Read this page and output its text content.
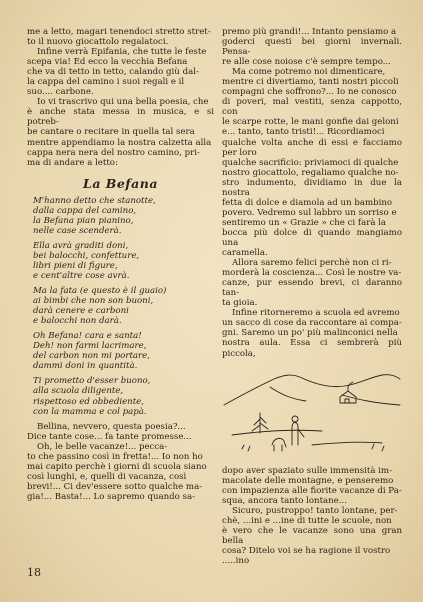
me a letto, magari tenendoci stretto stret-
to il nuovo giocattolo regalatoci.

Infine verrà Epifania, che tutte le feste
scepa via! Ed ecco la vecchia Befana
che va di tetto in tetto, calando giù dal-
la cappa del camino i suoi regali e il
suo.... carbone.

Io vi trascrivo qui una bella poesia, che
è anche stata messa in musica, e si potreb-
be cantare o recitare in quella tal sera
mentre appendiamo la nostra calzetta alla
cappa nera nera del nostro camino, pri-
ma di andare a letto:

La Befana
M'hanno detto che stanotte,
dalla cappa del camino,
la Befana pian pianino,
nelle case scenderà.
Ella avrà graditi doni,
bei balocchi, confetture,
libri pieni di figure,
e cent'altre cose avrà.
Ma la fata (e questo è il guaio)
ai bimbi che non son buoni,
darà cenere e carboni
e balocchi non darà.
Oh Befana! cara e santa!
Deh! non farmi lacrimare,
del carbon non mi portare,
dammi doni in quantità.
Ti prometto d'esser buono,
alla scuola diligente,
rispettoso ed obbediente,
con la mamma e col papà.

Bellina, nevvero, questa poesia?...
Dice tante cose... fa tante promesse...

Oh, le belle vacanze!... pecca-
to che passino così in fretta!... Io non ho
mai capito perchè i giorni di scuola siano
così lunghi, e, quelli di vacanza, così
brevi!... Ci dev'essere sotto qualche ma-
gia!... Basta!... Lo sapremo quando sa-

premo più grandi!... Intanto pensiamo a
goderci questi bei giorni invernali. Pensa-
re alle cose noiose c'è sempre tempo...

Ma come potremo noi dimenticare,
mentre ci divertiamo, tanti nostri piccoli
compagni che soffrono?... Io ne conosco
di poveri, mal vestiti, senza cappotto, con
le scarpe rotte, le mani gonfie dai geloni
e... tanto, tanto tristi!... Ricordiamoci
qualche volta anche di essi e facciamo per loro
qualche sacrificio: priviamoci di qualche
nostro giocattolo, regaliamo qualche no-
stro indumento, dividiamo in due la nostra
fetta di dolce e diamola ad un bambino
povero. Vedremo sul labbro un sorriso e
sentiremo un « Grazie » che ci farà la
bocca più dolce di quando mangiamo una
caramella.

Allora saremo felici perchè non ci ri-
morderà la coscienza... Così le nostre va-
canze, pur essendo brevi, ci daranno tan-
ta gioia.

Infine ritorneremo a scuola ed avremo
un sacco di cose da raccontare ai compa-
gni. Saremo un po' più malinconici nella
nostra aula. Essa ci sembrerà più piccola,

dopo aver spaziato sulle immensità im-
macolate delle montagne, e penseremo
con impazienza alle fiorite vacanze di Pa-
squa, ancora tanto lontane...

Sicuro, pustroppo! tanto lontane, per-
chè, ...ini e ...ine di tutte le scuole, non
è vero che le vacanze sono una gran bella
cosa? Ditelo voi se ha ragione il vostro
.....ino

18
